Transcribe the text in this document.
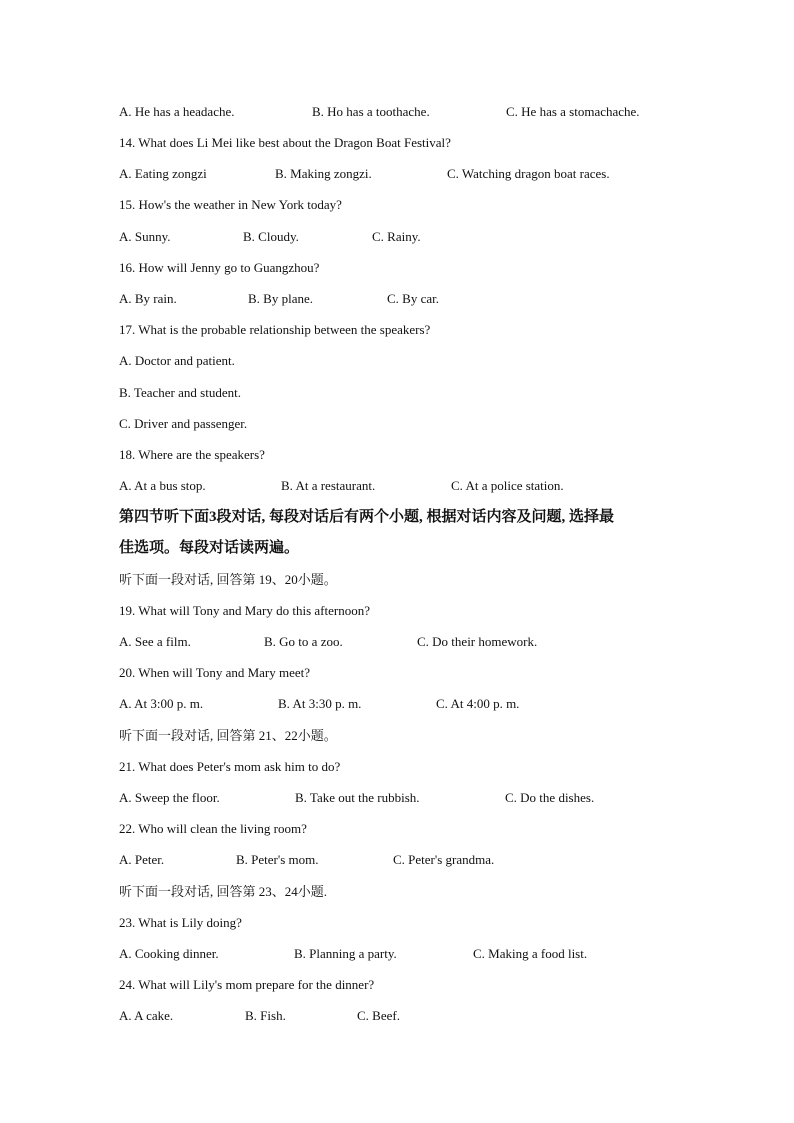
A. He has a headache.	B. Ho has a toothache.	C. He has a stomachache.
14. What does Li Mei like best about the Dragon Boat Festival?
A. Eating zongzi	B. Making zongzi.	C. Watching dragon boat races.
15. How's the weather in New York today?
A. Sunny.	B. Cloudy.	C. Rainy.
16. How will Jenny go to Guangzhou?
A. By rain.	B. By plane.	C. By car.
17. What is the probable relationship between the speakers?
A. Doctor and patient.
B. Teacher and student.
C. Driver and passenger.
18. Where are the speakers?
A. At a bus stop.	B. At a restaurant.	C. At a police station.
第四节听下面3段对话, 每段对话后有两个小题, 根据对话内容及问题, 选择最
佳选项。每段对话读两遍。
听下面一段对话, 回答第 19、20小题。
19. What will Tony and Mary do this afternoon?
A. See a film.	B. Go to a zoo.	C. Do their homework.
20. When will Tony and Mary meet?
A. At 3:00 p. m.	B. At 3:30 p. m.	C. At 4:00 p. m.
听下面一段对话, 回答第 21、22小题。
21. What does Peter's mom ask him to do?
A. Sweep the floor.	B. Take out the rubbish.	C. Do the dishes.
22. Who will clean the living room?
A. Peter.	B. Peter's mom.	C. Peter's grandma.
听下面一段对话, 回答第 23、24小题.
23. What is Lily doing?
A. Cooking dinner.	B. Planning a party.	C. Making a food list.
24. What will Lily's mom prepare for the dinner?
A. A cake.	B. Fish.	C. Beef.
